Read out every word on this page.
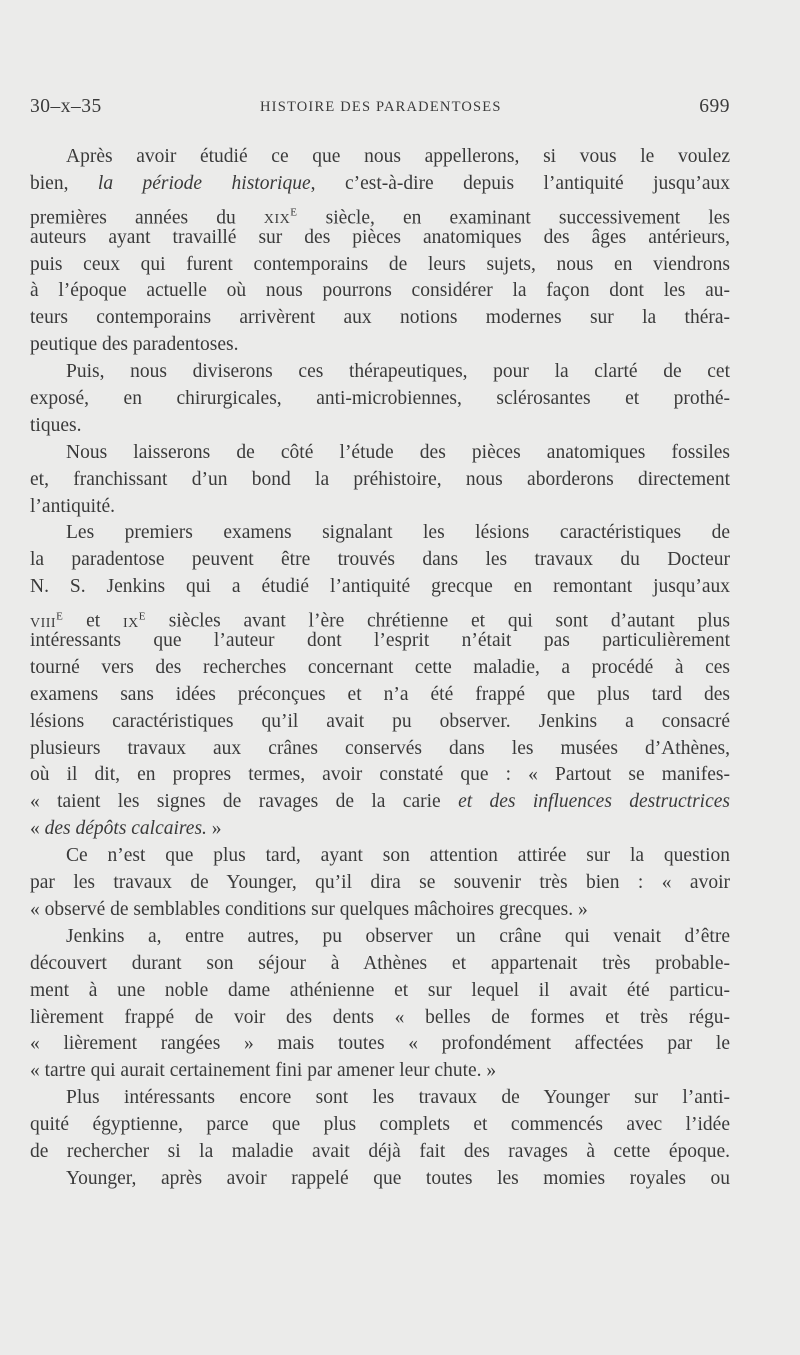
30–x–35	HISTOIRE DES PARADENTOSES	699
Après avoir étudié ce que nous appellerons, si vous le voulez
bien, la période historique, c’est-à-dire depuis l’antiquité jusqu’aux
premières années du xix$^e$ siècle, en examinant successivement les
auteurs ayant travaillé sur des pièces anatomiques des âges antérieurs,
puis ceux qui furent contemporains de leurs sujets, nous en viendrons
à l’époque actuelle où nous pourrons considérer la façon dont les au-
teurs contemporains arrivèrent aux notions modernes sur la théra-
peutique des paradentoses.
Puis, nous diviserons ces thérapeutiques, pour la clarté de cet
exposé, en chirurgicales, anti-microbiennes, sclérosantes et prothé-
tiques.
Nous laisserons de côté l’étude des pièces anatomiques fossiles
et, franchissant d’un bond la préhistoire, nous aborderons directement
l’antiquité.
Les premiers examens signalant les lésions caractéristiques de
la paradentose peuvent être trouvés dans les travaux du Docteur
N. S. Jenkins qui a étudié l’antiquité grecque en remontant jusqu’aux
viii$^e$ et $ix^e$ siècles avant l’ère chrétienne et qui sont d’autant plus
intéressants que l’auteur dont l’esprit n’était pas particulièrement
tourné vers des recherches concernant cette maladie, a procédé à ces
examens sans idées préconçues et n’a été frappé que plus tard des
lésions caractéristiques qu’il avait pu observer. Jenkins a consacré
plusieurs travaux aux crânes conservés dans les musées d’Athènes,
où il dit, en propres termes, avoir constaté que : « Partout se manifes-
« taient les signes de ravages de la carie et des influences destructrices
« des dépôts calcaires. »
Ce n’est que plus tard, ayant son attention attirée sur la question
par les travaux de Younger, qu’il dira se souvenir très bien : « avoir
« observé de semblables conditions sur quelques mâchoires grecques. »
Jenkins a, entre autres, pu observer un crâne qui venait d’être
découvert durant son séjour à Athènes et appartenait très probable-
ment à une noble dame athénienne et sur lequel il avait été particu-
lièrement frappé de voir des dents « belles de formes et très régu-
« lièrement rangées » mais toutes « profondément affectées par le
« tartre qui aurait certainement fini par amener leur chute. »
Plus intéressants encore sont les travaux de Younger sur l’anti-
quité égyptienne, parce que plus complets et commencés avec l’idée
de rechercher si la maladie avait déjà fait des ravages à cette époque.
Younger, après avoir rappelé que toutes les momies royales ou
